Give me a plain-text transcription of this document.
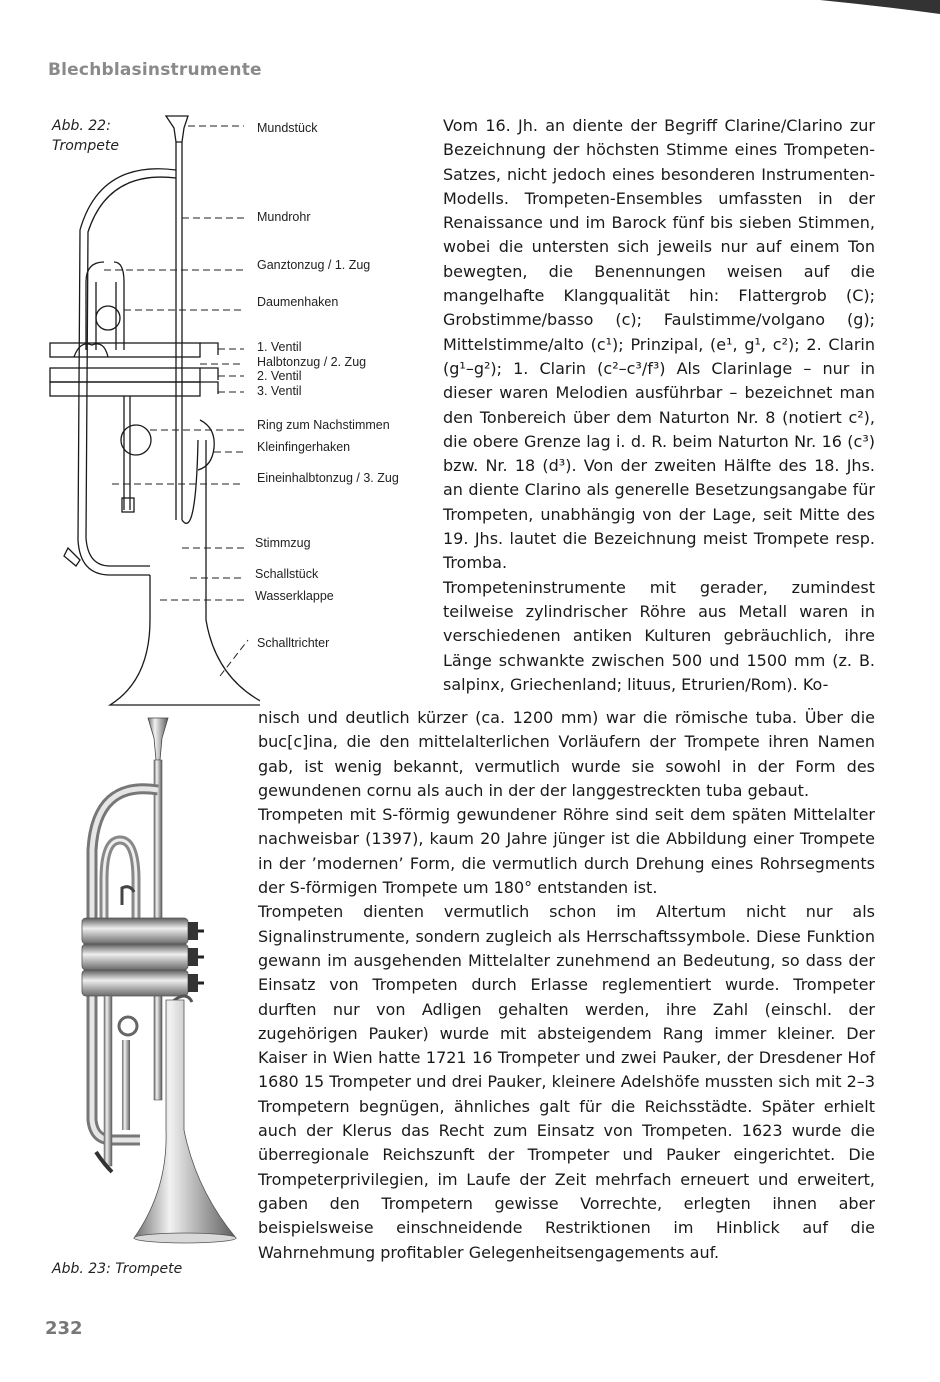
Blechblasinstrumente
Abb. 22:
Trompete
Mundstück
Mundrohr
Ganztonzug / 1. Zug
Daumenhaken
1. Ventil
Halbtonzug / 2. Zug
2. Ventil
3. Ventil
Ring zum Nachstimmen
Kleinfingerhaken
Eineinhalbtonzug / 3. Zug
Stimmzug
Schallstück
Wasserklappe
Schalltrichter
Abb. 23: Trompete

Vom 16. Jh. an diente der Begriff Clarine/Clarino zur Bezeichnung der höchsten Stimme eines Trompeten-Satzes, nicht jedoch eines besonderen Instrumenten-Modells. Trompeten-Ensembles umfassten in der Renaissance und im Barock fünf bis sieben Stimmen, wobei die untersten sich jeweils nur auf einem Ton bewegten, die Benennungen weisen auf die mangelhafte Klangqualität hin: Flattergrob (C); Grobstimme/basso (c); Faulstimme/volgano (g); Mittelstimme/alto (c¹); Prinzipal, (e¹, g¹, c²); 2. Clarin (g¹–g²); 1. Clarin (c²–c³/f³) Als Clarinlage – nur in dieser waren Melodien ausführbar – bezeichnet man den Tonbereich über dem Naturton Nr. 8 (notiert c²), die obere Grenze lag i. d. R. beim Naturton Nr. 16 (c³) bzw. Nr. 18 (d³). Von der zweiten Hälfte des 18. Jhs. an diente Clarino als generelle Besetzungsangabe für Trompeten, unabhängig von der Lage, seit Mitte des 19. Jhs. lautet die Bezeichnung meist Trompete resp. Tromba.

Trompeteninstrumente mit gerader, zumindest teilweise zylindrischer Röhre aus Metall waren in verschiedenen antiken Kulturen gebräuchlich, ihre Länge schwankte zwischen 500 und 1500 mm (z. B. salpinx, Griechenland; lituus, Etrurien/Rom). Ko-

nisch und deutlich kürzer (ca. 1200 mm) war die römische tuba. Über die buc[c]ina, die den mittelalterlichen Vorläufern der Trompete ihren Namen gab, ist wenig bekannt, vermutlich wurde sie sowohl in der Form des gewundenen cornu als auch in der der langgestreckten tuba gebaut.

Trompeten mit S-förmig gewundener Röhre sind seit dem späten Mittelalter nachweisbar (1397), kaum 20 Jahre jünger ist die Abbildung einer Trompete in der ’modernen’ Form, die vermutlich durch Drehung eines Rohrsegments der S-förmigen Trompete um 180° entstanden ist.

Trompeten dienten vermutlich schon im Altertum nicht nur als Signalinstrumente, sondern zugleich als Herrschaftssymbole. Diese Funktion gewann im ausgehenden Mittelalter zunehmend an Bedeutung, so dass der Einsatz von Trompeten durch Erlasse reglementiert wurde. Trompeter durften nur von Adligen gehalten werden, ihre Zahl (einschl. der zugehörigen Pauker) wurde mit absteigendem Rang immer kleiner. Der Kaiser in Wien hatte 1721 16 Trompeter und zwei Pauker, der Dresdener Hof 1680 15 Trompeter und drei Pauker, kleinere Adelshöfe mussten sich mit 2–3 Trompetern begnügen, ähnliches galt für die Reichsstädte. Später erhielt auch der Klerus das Recht zum Einsatz von Trompeten. 1623 wurde die überregionale Reichszunft der Trompeter und Pauker eingerichtet. Die Trompeterprivilegien, im Laufe der Zeit mehrfach erneuert und erweitert, gaben den Trompetern gewisse Vorrechte, erlegten ihnen aber beispielsweise einschneidende Restriktionen im Hinblick auf die Wahrnehmung profitabler Gelegenheitsengagements auf.

232
